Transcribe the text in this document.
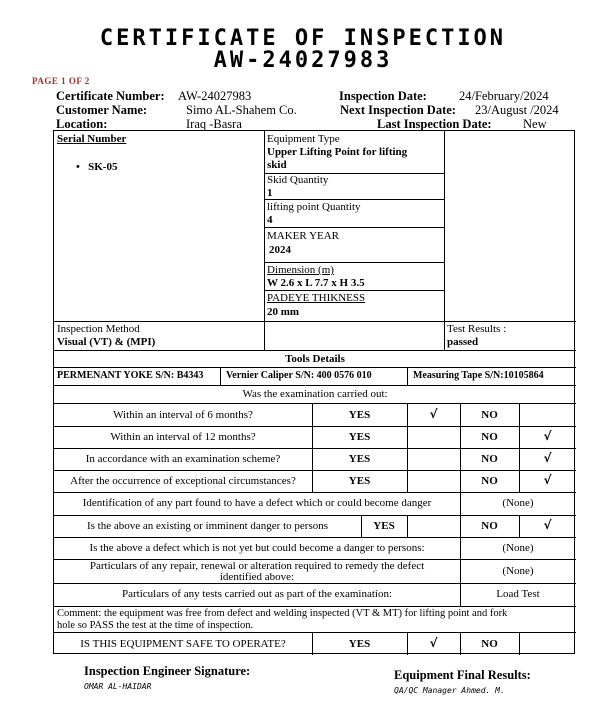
CERTIFICATE OF INSPECTION
AW-24027983
PAGE 1 OF 2
Certificate Number: AW-24027983	Inspection Date:	24/February/2024
Customer Name:	Simo AL-Shahem Co.	Next Inspection Date: 23/August /2024
Location:	Iraq -Basra	Last Inspection Date:	New
Serial Number
•   SK-05
Equipment Type
Upper Lifting Point for lifting
skid
Skid Quantity
1
lifting point Quantity
4
MAKER YEAR
2024
Dimension (m)
W 2.6 x L 7.7 x H 3.5
PADEYE THIKNESS
20 mm
Inspection Method
Visual (VT) & (MPI)
Test Results :
passed
Tools Details
PERMENANT YOKE S/N: B4343 Vernier Caliper S/N: 400 0576 010	Measuring Tape S/N:10105864
Was the examination carried out:
Within an interval of 6 months?	YES	√	NO
Within an interval of 12 months?	YES	NO	√
In accordance with an examination scheme?	YES	NO	√
After the occurrence of exceptional circumstances?	YES	NO	√
Identification of any part found to have a defect which or could become danger	(None)
Is the above an existing or imminent danger to persons	YES	NO	√
Is the above a defect which is not yet but could become a danger to persons:	(None)
Particulars of any repair, renewal or alteration required to remedy the defect
identified above:	(None)
Particulars of any tests carried out as part of the examination:	Load Test
Comment: the equipment was free from defect and welding inspected (VT & MT) for lifting point and fork
hole so PASS the test at the time of inspection.
IS THIS EQUIPMENT SAFE TO OPERATE?	YES	√	NO
Inspection Engineer Signature:
OMAR AL-HAIDAR
Equipment Final Results:
QA/QC Manager Ahmed. M.
